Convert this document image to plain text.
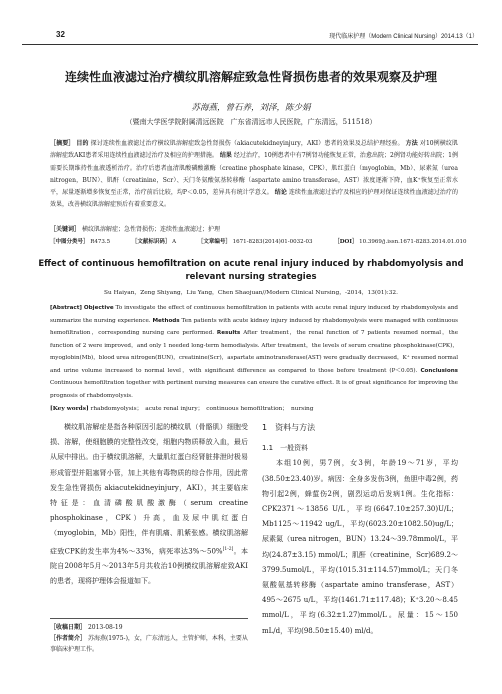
32	现代临床护理（Modern Clinical Nursing）2014.13（1）
连续性血液滤过治疗横纹肌溶解症致急性肾损伤患者的效果观察及护理
苏海燕，曾石养，刘泽，陈少娟
（暨南大学医学院附属清远医院　广东省清远市人民医院，广东清远，511518）
［摘要］ 目的 探讨连续性血液滤过治疗横纹肌溶解症致急性肾损伤（akiacutekidneyinjury，AKI）患者的效果及总结护理经验。 方法 对10例横纹肌溶解症致AKI患者采用连续性血液滤过治疗及相应的护理措施。 结果 经过治疗，10例患者中有7例肾功能恢复正常，治愈出院；2例肾功能好转出院；1例需要长期维持性血液透析治疗。治疗后患者血清肌酸磷酸激酶（creatine phosphate kinase，CPK）、肌红蛋白（myoglobin，Mb）、尿素氮（urea nitrogen，BUN）、肌酐（creatinine，Scr）、天门冬氨酸氨基转移酶（aspartate amino transferase，AST）浓度逐渐下降，血K⁺恢复至正常水平，尿量逐渐增多恢复至正常，治疗前后比较，均P＜0.05，差异具有统计学意义。 结论 连续性血液滤过治疗及相应的护理对保证连续性血液滤过治疗的效果，改善横纹肌溶解症预后有着重要意义。
［关键词］ 横纹肌溶解症；急性肾损伤；连续性血液滤过；护理
［中图分类号］ R473.5	［文献标识码］ A	［文章编号］ 1671-8283(2014)01-0032-03	［DOI］ 10.3969/j.issn.1671-8283.2014.01.010
Effect of continuous hemofiltration on acute renal injury induced by rhabdomyolysis and
relevant nursing strategies
Su Haiyan，Zeng Shiyang，Liu Yang，Chen Shaojuan//Modern Clinical Nursing，-2014，13(01):32.
[Abstract] Objective To investigate the effect of continuous hemofiltration in patients with acute renal injury induced by rhabdomyolysis and summarize the nursing experience. Methods Ten patients with acute kidney injury induced by rhabdomyolysis were managed with continuous hemofiltration，corresponding nursing care performed. Results After treatment，the renal function of 7 patients resumed normal，the function of 2 were improved，and only 1 needed long-term hemodialysis. After treatment，the levels of serum creatine phosphokinase(CPK)，myoglobin(Mb)，blood urea nitrogen(BUN)，creatinine(Scr)，aspartate aminotransferase(AST) were gradually decreased，K⁺ resumed normal and urine volume increased to normal level，with significant difference as compared to those before treatment (P＜0.05). Conclusions Continuous hemofiltration together with pertinent nursing measures can ensure the curative effect. It is of great significance for improving the prognosis of rhabdomyolysis.
[Key words] rhabdomyolysis；　acute renal injury；　continuous hemofiltration；　nursing

横纹肌溶解症是指各种原因引起的横纹肌（骨骼肌）细胞受损、溶解，使细胞膜的完整性改变，细胞内物质释放入血，最后从尿中排出。由于横纹肌溶解，大量肌红蛋白经肾脏排泄时极易形成管型并阻塞肾小管，加上其他有毒物质的综合作用，因此常发生急性肾损伤 akiacutekidneyinjury，AKI），其主要临床特征是：血清磷酸肌酸激酶（serum creatine phosphokinase，CPK）升高，血及尿中肌红蛋白（myoglobin，Mb）阳性，伴有肌痛、肌紫张感。横纹肌溶解症致CPK的发生率为4%～33%，病死率达3%～50%[1-2]。本院自2008年5月～2013年5月共收治10例横纹肌溶解症致AKI的患者，现将护理体会报道如下。

［收稿日期］ 2013-08-19
［作者简介］ 苏海燕(1975-)，女，广东清远人，主管护师，本科，主要从事临床护理工作。
1　资料与方法
1.1　一般资料

本组10例，男7例，女3例，年龄19～71岁，平均(38.50±23.40)岁。病因：全身多发伤3例，鱼胆中毒2例，药物引起2例，蜂蜇伤2例，剧烈运动后发病1例。生化指标：CPK2371～13856 U/L，平均(6647.10±257.30)U/L；Mb1125～11942 ug/L，平均(6023.20±1082.50)ug/L；尿素氮（urea nitrogen，BUN）13.24～39.78mmol/L，平均(24.87±3.15) mmol/L；肌酐（creatinine，Scr)689.2～3799.5umol/L，平均(1015.31±114.57)mmol/L；天门冬氨酸氨基转移酶（aspartate amino transferase，AST）495～2675 u/L，平均(1461.71±117.48)；K⁺3.20～8.45 mmol/L，平均(6.32±1.27)mmol/L。尿量：15～150 mL/d，平均(98.50±15.40) ml/d。
